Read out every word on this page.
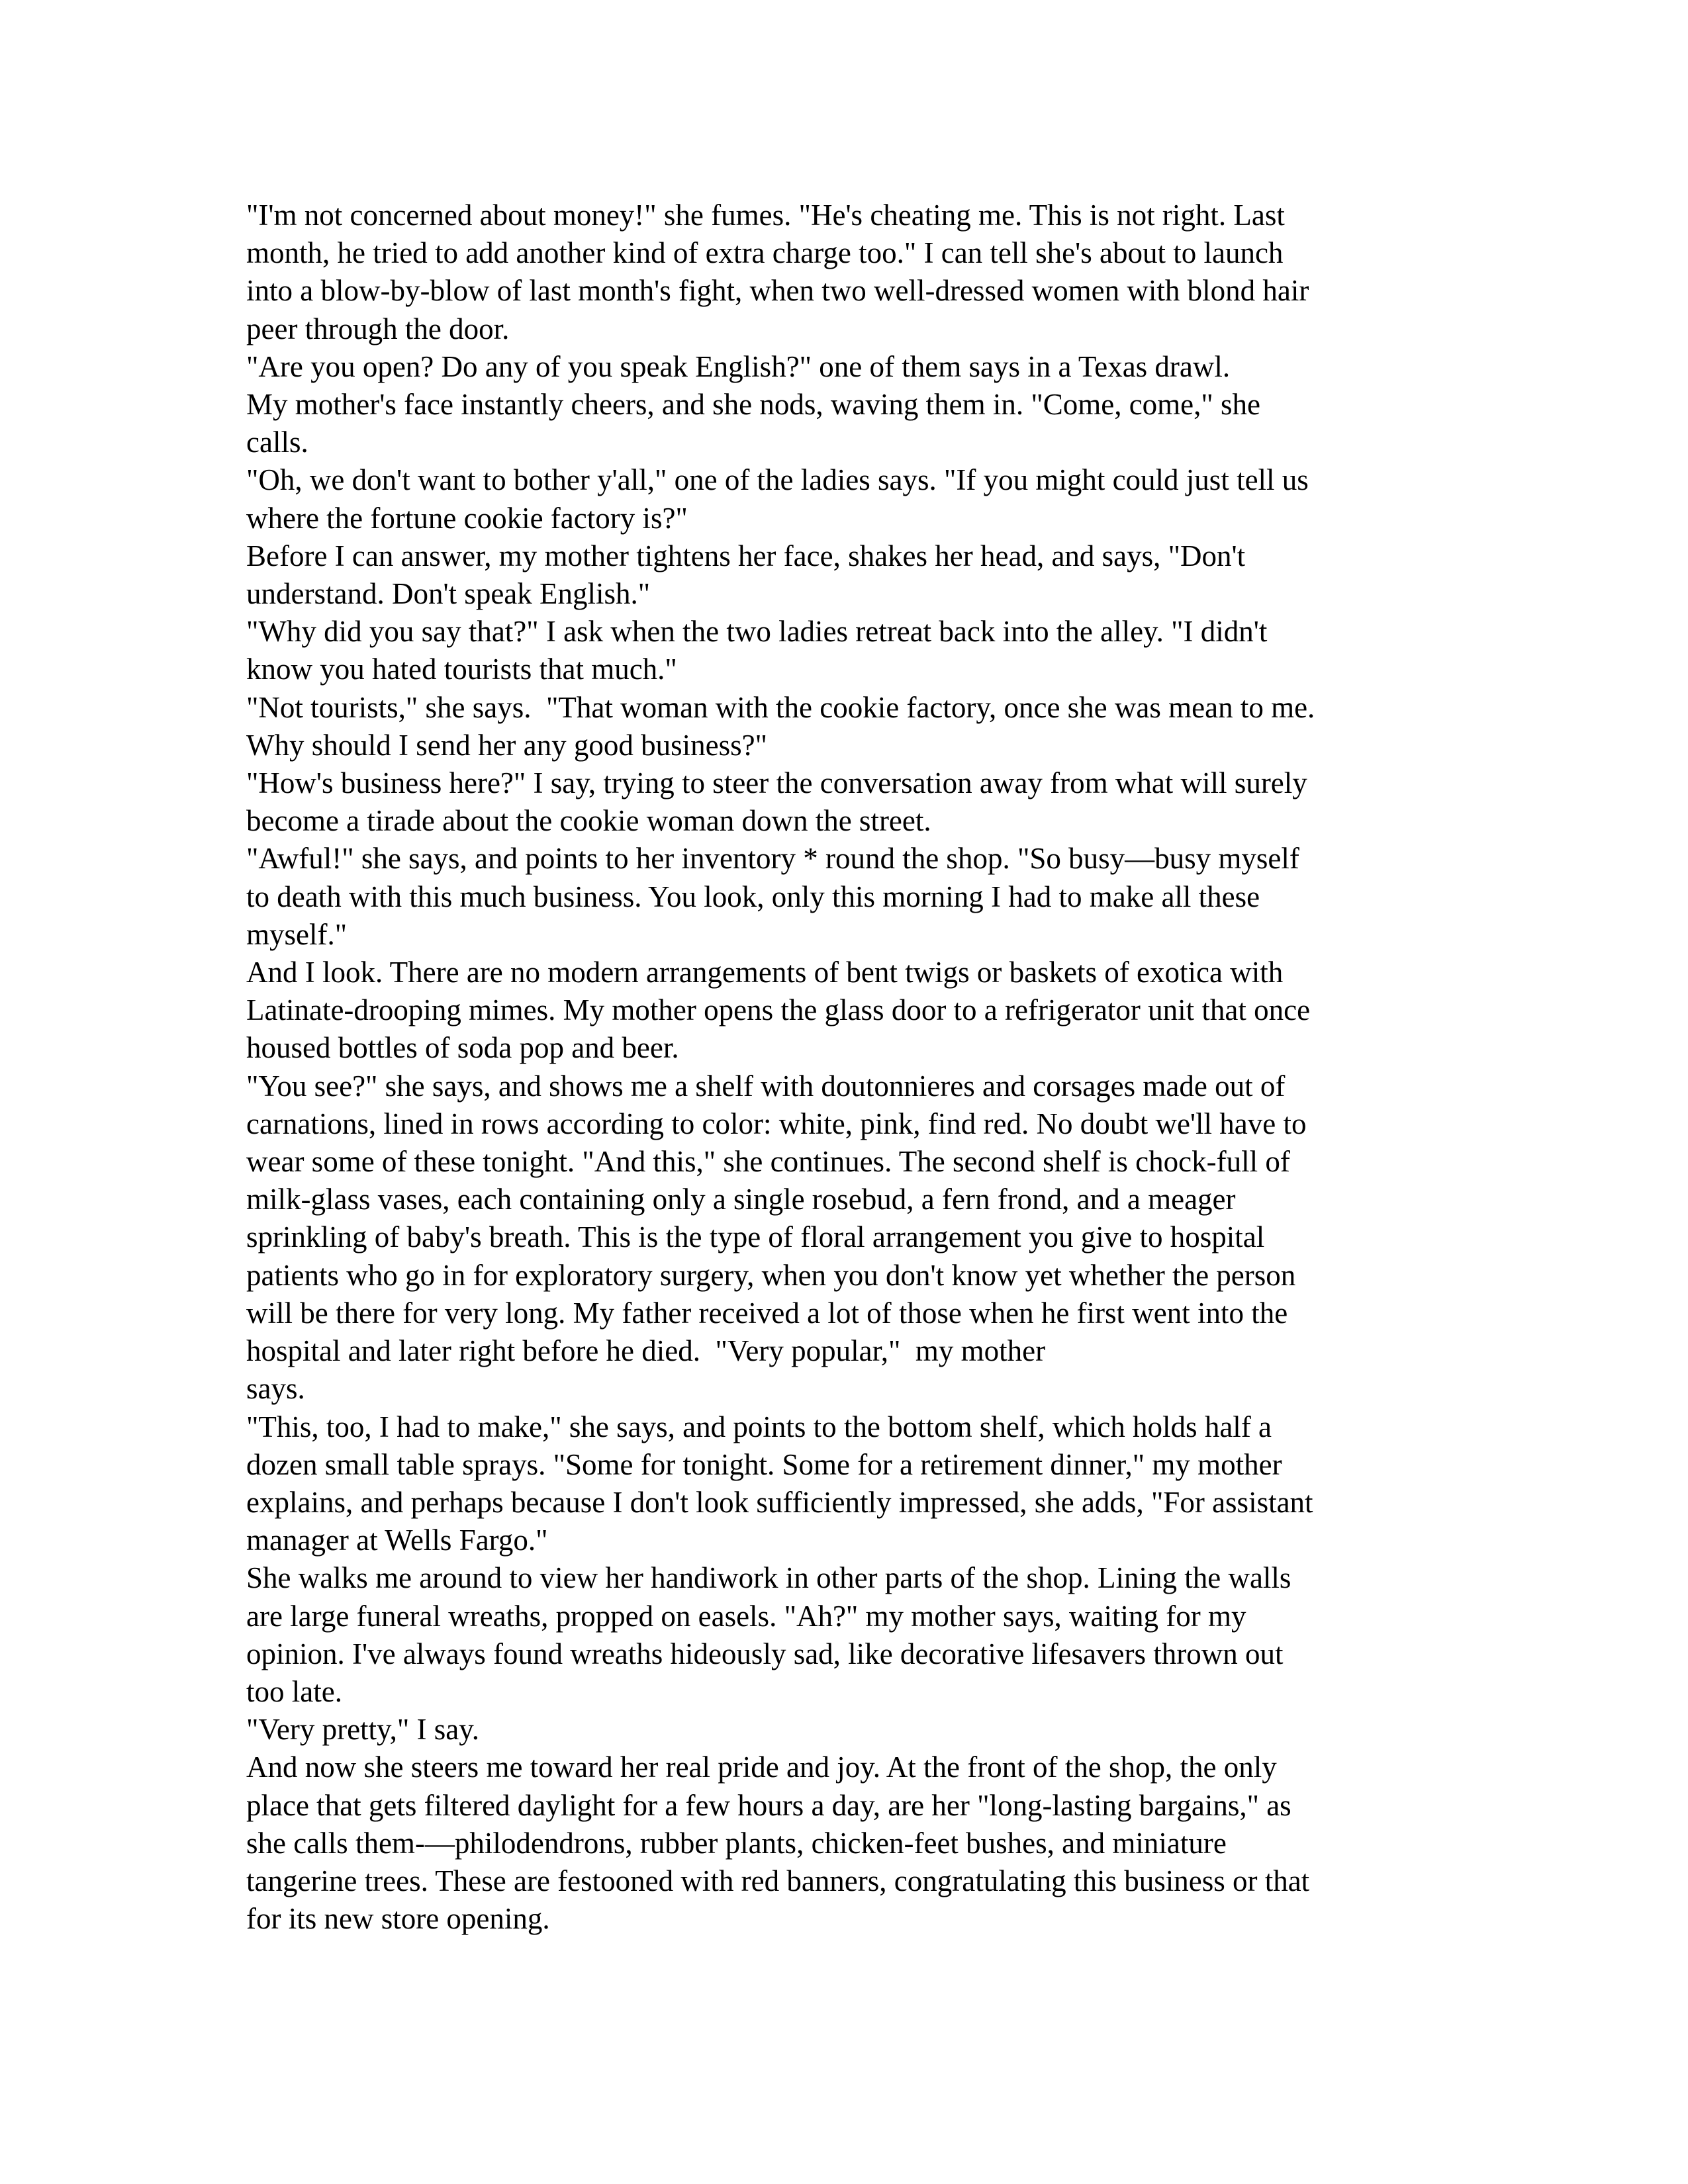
"I'm not concerned about money!" she fumes. "He's cheating me. This is not right. Last
month, he tried to add another kind of extra charge too." I can tell she's about to launch
into a blow-by-blow of last month's fight, when two well-dressed women with blond hair
peer through the door.

"Are you open? Do any of you speak English?" one of them says in a Texas drawl.

My mother's face instantly cheers, and she nods, waving them in. "Come, come," she
calls.

"Oh, we don't want to bother y'all," one of the ladies says. "If you might could just tell us
where the fortune cookie factory is?"

Before I can answer, my mother tightens her face, shakes her head, and says, "Don't
understand. Don't speak English."

"Why did you say that?" I ask when the two ladies retreat back into the alley. "I didn't
know you hated tourists that much."

"Not tourists," she says.  "That woman with the cookie factory, once she was mean to me.
Why should I send her any good business?"

"How's business here?" I say, trying to steer the conversation away from what will surely
become a tirade about the cookie woman down the street.

"Awful!" she says, and points to her inventory * round the shop. "So busy—busy myself
to death with this much business. You look, only this morning I had to make all these
myself."

And I look. There are no modern arrangements of bent twigs or baskets of exotica with
Latinate-drooping mimes. My mother opens the glass door to a refrigerator unit that once
housed bottles of soda pop and beer.

"You see?" she says, and shows me a shelf with doutonnieres and corsages made out of
carnations, lined in rows according to color: white, pink, find red. No doubt we'll have to
wear some of these tonight. "And this," she continues. The second shelf is chock-full of
milk-glass vases, each containing only a single rosebud, a fern frond, and a meager
sprinkling of baby's breath. This is the type of floral arrangement you give to hospital
patients who go in for exploratory surgery, when you don't know yet whether the person
will be there for very long. My father received a lot of those when he first went into the
hospital and later right before he died.  "Very popular,"  my mother
says.

"This, too, I had to make," she says, and points to the bottom shelf, which holds half a
dozen small table sprays. "Some for tonight. Some for a retirement dinner," my mother
explains, and perhaps because I don't look sufficiently impressed, she adds, "For assistant
manager at Wells Fargo."

She walks me around to view her handiwork in other parts of the shop. Lining the walls
are large funeral wreaths, propped on easels. "Ah?" my mother says, waiting for my
opinion. I've always found wreaths hideously sad, like decorative lifesavers thrown out
too late.

"Very pretty," I say.

And now she steers me toward her real pride and joy. At the front of the shop, the only
place that gets filtered daylight for a few hours a day, are her "long-lasting bargains," as
she calls them-—philodendrons, rubber plants, chicken-feet bushes, and miniature
tangerine trees. These are festooned with red banners, congratulating this business or that
for its new store opening.
